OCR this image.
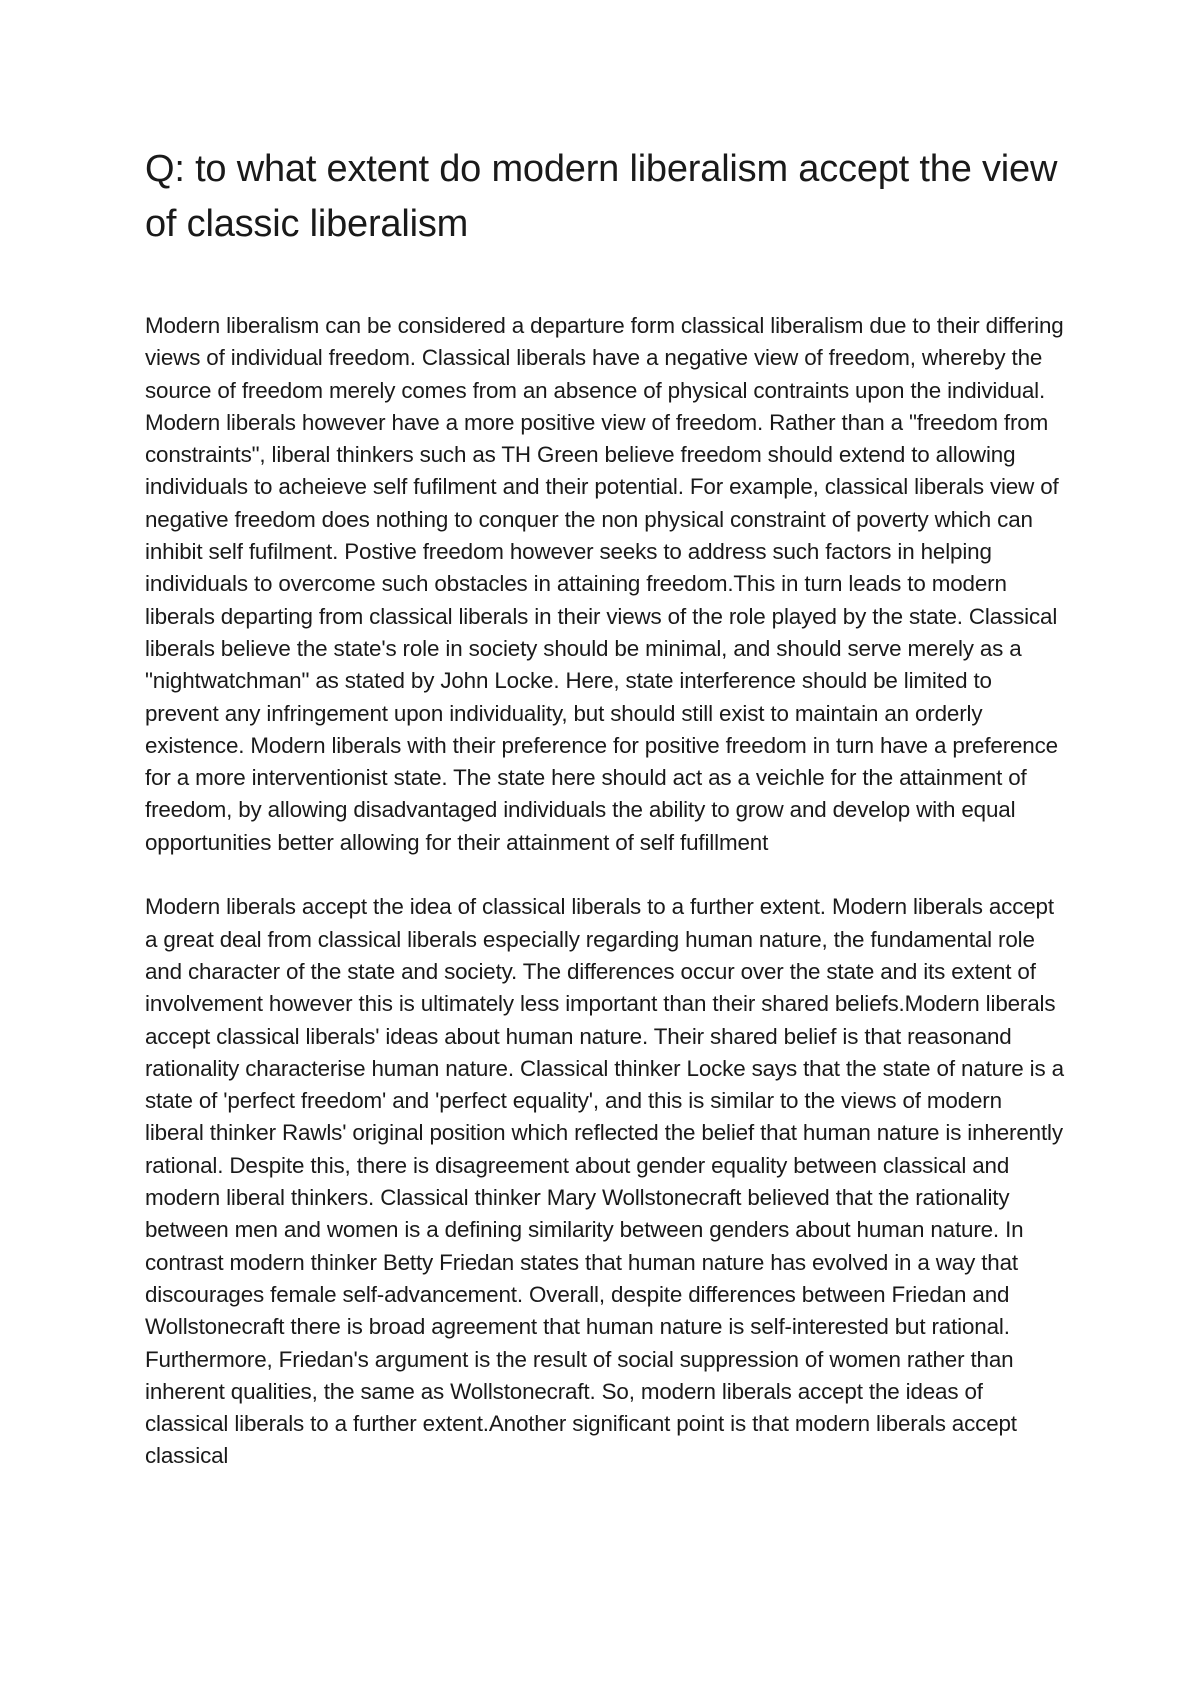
Q: to what extent do modern liberalism accept the view of classic liberalism

Modern liberalism can be considered a departure form classical liberalism due to their differing views of individual freedom. Classical liberals have a negative view of freedom, whereby the source of freedom merely comes from an absence of physical contraints upon the individual. Modern liberals however have a more positive view of freedom. Rather than a "freedom from constraints", liberal thinkers such as TH Green believe freedom should extend to allowing individuals to acheieve self fufilment and their potential. For example, classical liberals view of negative freedom does nothing to conquer the non physical constraint of poverty which can inhibit self fufilment. Postive freedom however seeks to address such factors in helping individuals to overcome such obstacles in attaining freedom.This in turn leads to modern liberals departing from classical liberals in their views of the role played by the state. Classical liberals believe the state's role in society should be minimal, and should serve merely as a "nightwatchman" as stated by John Locke. Here, state interference should be limited to prevent any infringement upon individuality, but should still exist to maintain an orderly existence. Modern liberals with their preference for positive freedom in turn have a preference for a more interventionist state. The state here should act as a veichle for the attainment of freedom, by allowing disadvantaged individuals the ability to grow and develop with equal opportunities better allowing for their attainment of self fufillment

Modern liberals accept the idea of classical liberals to a further extent. Modern liberals accept a great deal from classical liberals especially regarding human nature, the fundamental role and character of the state and society. The differences occur over the state and its extent of involvement however this is ultimately less important than their shared beliefs.Modern liberals accept classical liberals' ideas about human nature. Their shared belief is that reasonand rationality characterise human nature. Classical thinker Locke says that the state of nature is a state of 'perfect freedom' and 'perfect equality', and this is similar to the views of modern liberal thinker Rawls' original position which reflected the belief that human nature is inherently rational. Despite this, there is disagreement about gender equality between classical and modern liberal thinkers. Classical thinker Mary Wollstonecraft believed that the rationality between men and women is a defining similarity between genders about human nature. In contrast modern thinker Betty Friedan states that human nature has evolved in a way that discourages female self-advancement. Overall, despite differences between Friedan and Wollstonecraft there is broad agreement that human nature is self-interested but rational. Furthermore, Friedan's argument is the result of social suppression of women rather than inherent qualities, the same as Wollstonecraft. So, modern liberals accept the ideas of classical liberals to a further extent.Another significant point is that modern liberals accept classical
